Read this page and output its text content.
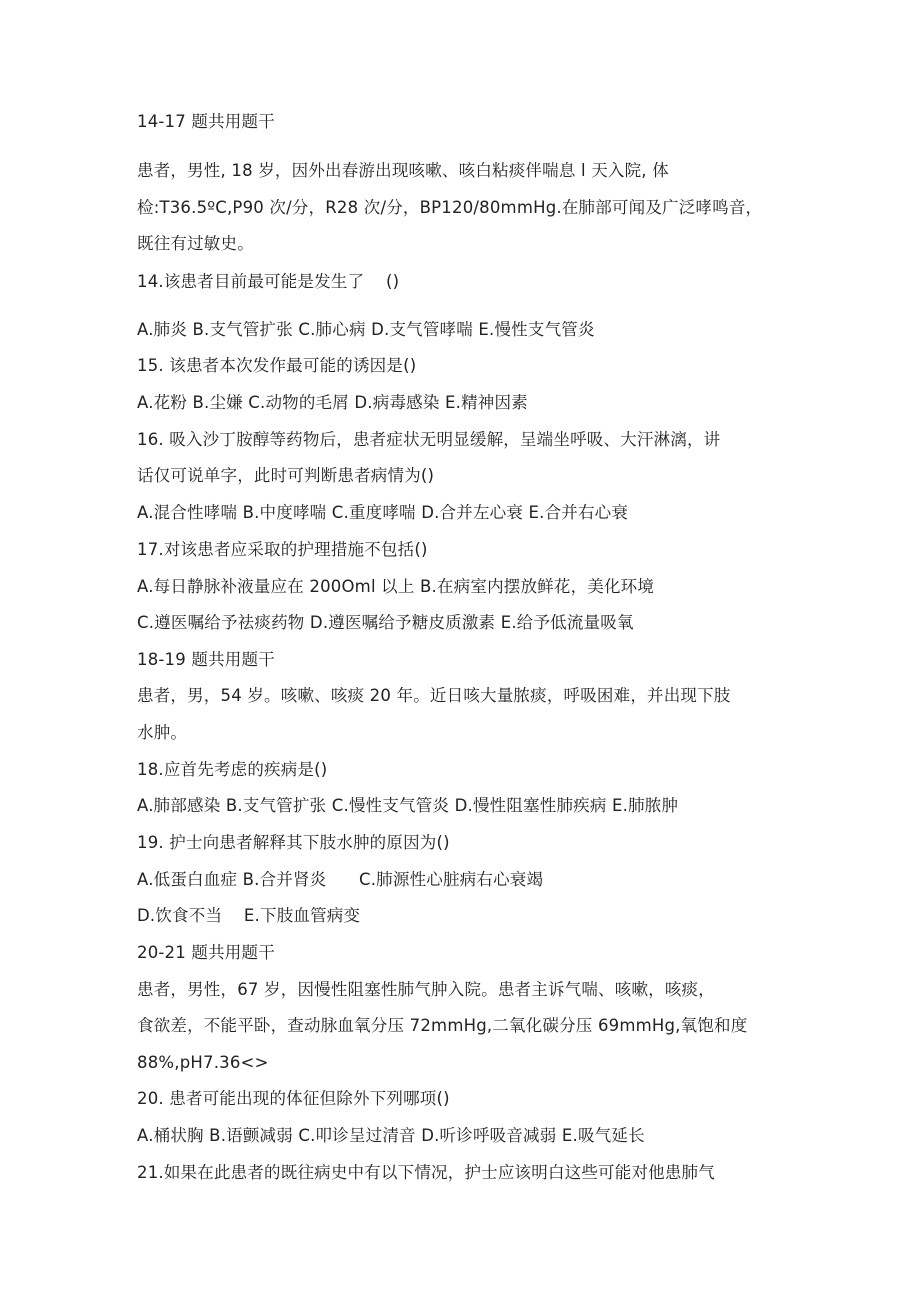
14-17 题共用题干

患者，男性, 18 岁，因外出春游出现咳嗽、咳白粘痰伴喘息 l 天入院, 体

检:T36.5ºC,P90 次/分，R28 次/分，BP120/80mmHg.在肺部可闻及广泛哮鸣音，

既往有过敏史。

14.该患者目前最可能是发生了    ()

A.肺炎 B.支气管扩张 C.肺心病 D.支气管哮喘 E.慢性支气管炎

15. 该患者本次发作最可能的诱因是()

A.花粉 B.尘嫌 C.动物的毛屑 D.病毒感染 E.精神因素

16. 吸入沙丁胺醇等药物后，患者症状无明显缓解，呈端坐呼吸、大汗淋漓，讲

话仅可说单字，此时可判断患者病情为()

A.混合性哮喘 B.中度哮喘 C.重度哮喘 D.合并左心衰 E.合并右心衰

17.对该患者应采取的护理措施不包括()

A.每日静脉补液量应在 200Oml 以上 B.在病室内摆放鲜花，美化环境

C.遵医嘱给予祛痰药物 D.遵医嘱给予糖皮质激素 E.给予低流量吸氧

18-19 题共用题干

患者，男，54 岁。咳嗽、咳痰 20 年。近日咳大量脓痰，呼吸困难，并出现下肢

水肿。

18.应首先考虑的疾病是()

A.肺部感染 B.支气管扩张 C.慢性支气管炎 D.慢性阻塞性肺疾病 E.肺脓肿

19. 护士向患者解释其下肢水肿的原因为()

A.低蛋白血症 B.合并肾炎      C.肺源性心脏病右心衰竭

D.饮食不当    E.下肢血管病变

20-21 题共用题干

患者，男性，67 岁，因慢性阻塞性肺气肿入院。患者主诉气喘、咳嗽，咳痰，

食欲差，不能平卧，查动脉血氧分压 72mmHg,二氧化碳分压 69mmHg,氧饱和度

88%,pH7.36<>

20. 患者可能出现的体征但除外下列哪项()

A.桶状胸 B.语颤减弱 C.叩诊呈过清音 D.听诊呼吸音减弱 E.吸气延长

21.如果在此患者的既往病史中有以下情况，护士应该明白这些可能对他患肺气
